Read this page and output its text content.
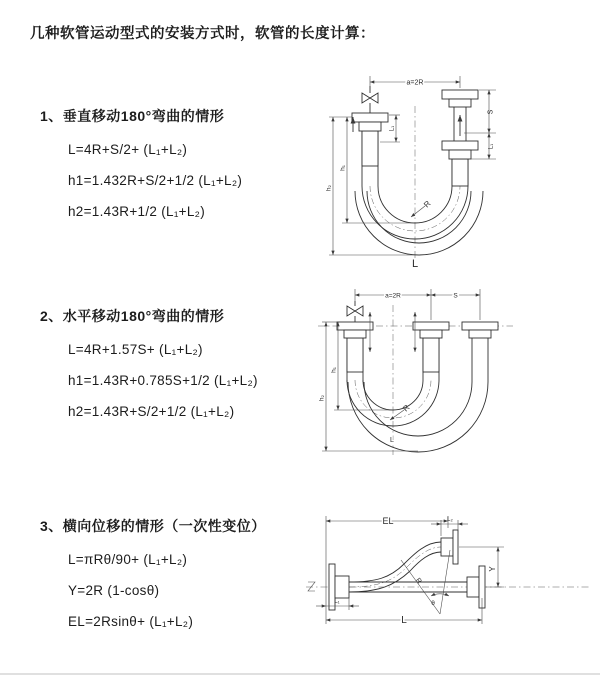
几种软管运动型式的安装方式时，软管的长度计算：
1、垂直移动180°弯曲的情形
L=4R+S/2+ (L₁+L₂)
h1=1.432R+S/2+1/2 (L₁+L₂)
h2=1.43R+1/2 (L₁+L₂)
a=2R
h₁
h₂
L₁
S
L₁
R
L
2、水平移动180°弯曲的情形
L=4R+1.57S+ (L₁+L₂)
h1=1.43R+0.785S+1/2 (L₁+L₂)
h2=1.43R+S/2+1/2 (L₁+L₂)
a=2R	S
h₁
h₂
R
L
3、横向位移的情形（一次性变位）
L=πRθ/90+ (L₁+L₂)
Y=2R (1-cosθ)
EL=2Rsinθ+ (L₁+L₂)
R
θ
EL	L₂
Y
L
L₁
